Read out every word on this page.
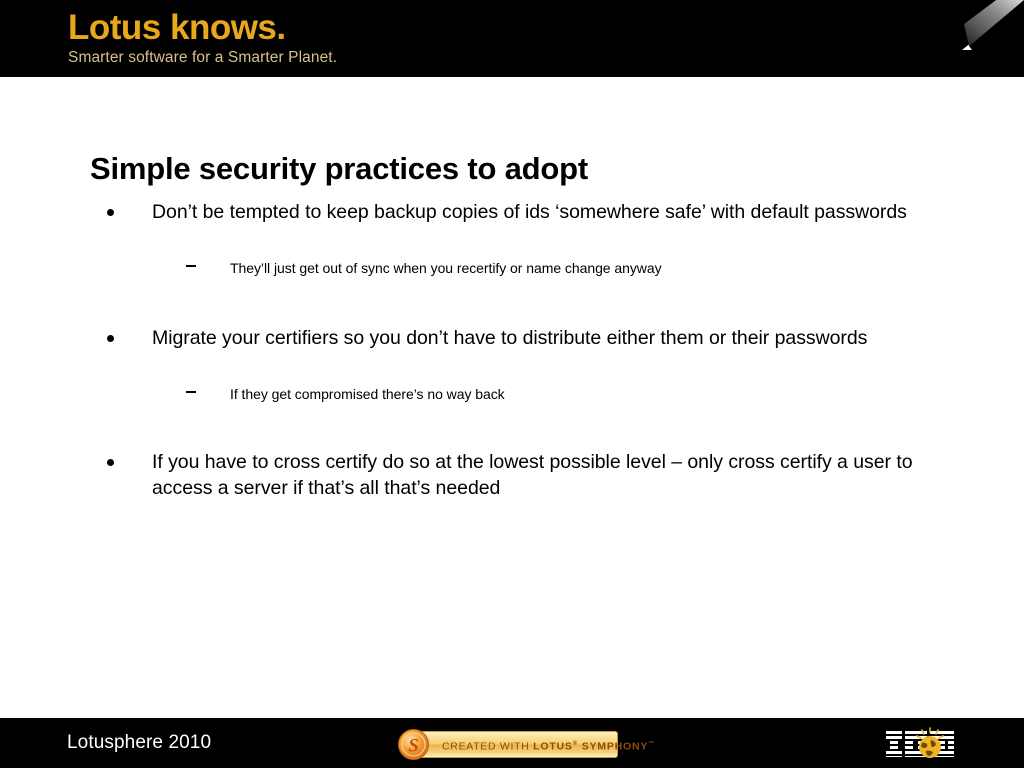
Lotus knows.
Smarter software for a Smarter Planet.
Simple security practices to adopt
Don’t be tempted to keep backup copies of ids ‘somewhere safe’ with default passwords
They’ll just get out of sync when you recertify or name change anyway
Migrate your certifiers so you don’t have to distribute either them or their passwords
If they get compromised there’s no way back
If you have to cross certify do so at the lowest possible level – only cross certify a user to access a server if that’s all that’s needed
Lotusphere 2010	S CREATED WITH LOTUS® SYMPHONY™
